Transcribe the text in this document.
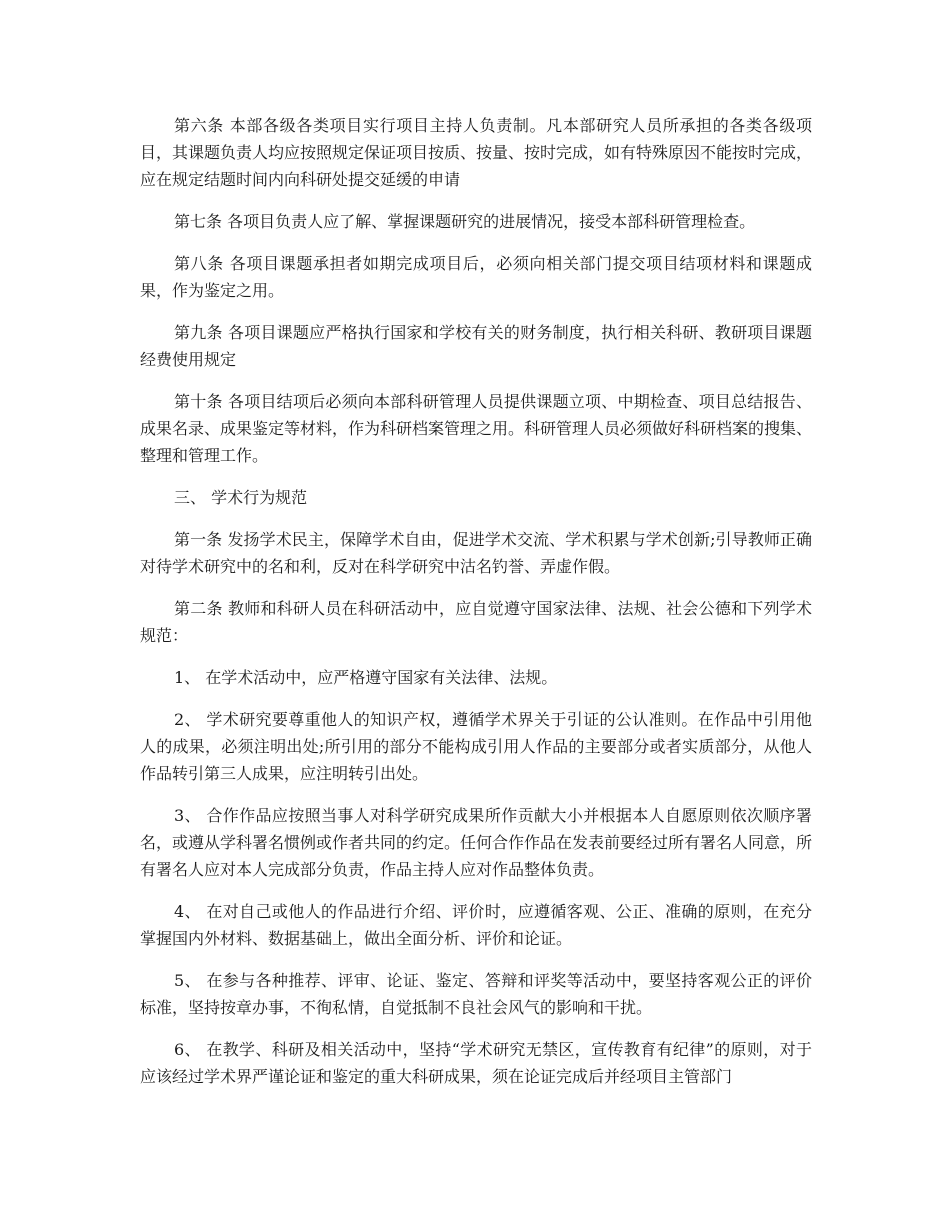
第六条 本部各级各类项目实行项目主持人负责制。凡本部研究人员所承担的各类各级项目，其课题负责人均应按照规定保证项目按质、按量、按时完成，如有特殊原因不能按时完成，应在规定结题时间内向科研处提交延缓的申请

第七条 各项目负责人应了解、掌握课题研究的进展情况，接受本部科研管理检查。

第八条 各项目课题承担者如期完成项目后，必须向相关部门提交项目结项材料和课题成果，作为鉴定之用。

第九条 各项目课题应严格执行国家和学校有关的财务制度，执行相关科研、教研项目课题经费使用规定

第十条 各项目结项后必须向本部科研管理人员提供课题立项、中期检查、项目总结报告、成果名录、成果鉴定等材料，作为科研档案管理之用。科研管理人员必须做好科研档案的搜集、整理和管理工作。

三、 学术行为规范

第一条 发扬学术民主，保障学术自由，促进学术交流、学术积累与学术创新;引导教师正确对待学术研究中的名和利，反对在科学研究中沽名钓誉、弄虚作假。

第二条 教师和科研人员在科研活动中，应自觉遵守国家法律、法规、社会公德和下列学术规范：

1、 在学术活动中，应严格遵守国家有关法律、法规。

2、 学术研究要尊重他人的知识产权，遵循学术界关于引证的公认准则。在作品中引用他人的成果，必须注明出处;所引用的部分不能构成引用人作品的主要部分或者实质部分，从他人作品转引第三人成果，应注明转引出处。

3、 合作作品应按照当事人对科学研究成果所作贡献大小并根据本人自愿原则依次顺序署名，或遵从学科署名惯例或作者共同的约定。任何合作作品在发表前要经过所有署名人同意，所有署名人应对本人完成部分负责，作品主持人应对作品整体负责。

4、 在对自己或他人的作品进行介绍、评价时，应遵循客观、公正、准确的原则，在充分掌握国内外材料、数据基础上，做出全面分析、评价和论证。

5、 在参与各种推荐、评审、论证、鉴定、答辩和评奖等活动中，要坚持客观公正的评价标准，坚持按章办事，不徇私情，自觉抵制不良社会风气的影响和干扰。

6、 在教学、科研及相关活动中，坚持“学术研究无禁区，宣传教育有纪律”的原则，对于应该经过学术界严谨论证和鉴定的重大科研成果，须在论证完成后并经项目主管部门
